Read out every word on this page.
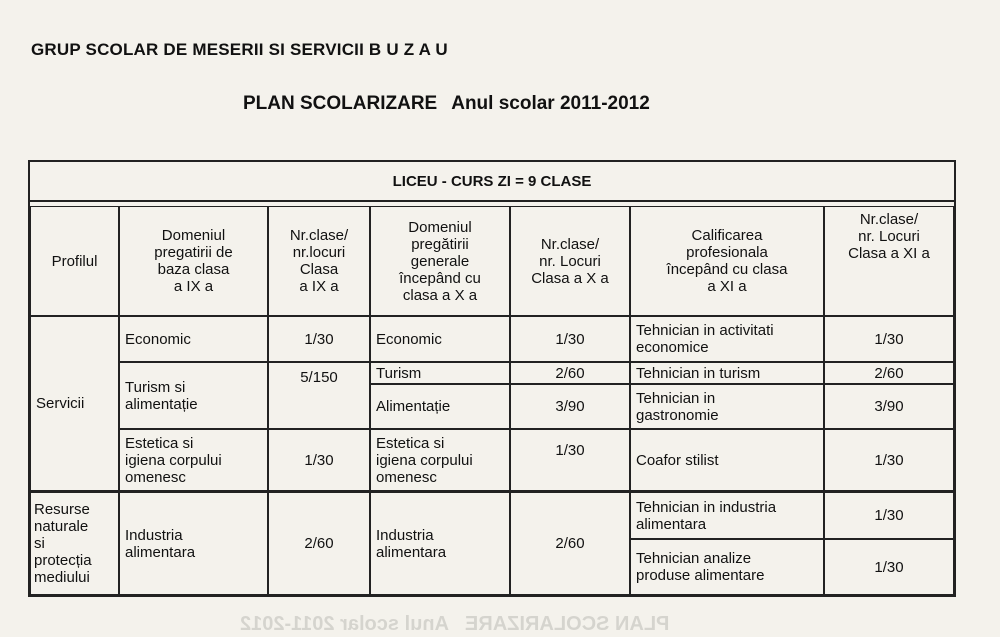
GRUP SCOLAR DE MESERII SI SERVICII B U Z A U
PLAN SCOLARIZARE Anul scolar 2011-2012
LICEU - CURS ZI = 9 CLASE
Profilul
Domeniul
pregatirii de
baza clasa
a IX a
Nr.clase/
nr.locuri
Clasa
a IX a
Domeniul
pregătirii
generale
începând cu
clasa a X a
Nr.clase/
nr. Locuri
Clasa a X a
Calificarea
profesionala
începând cu clasa
a XI a
Nr.clase/
nr. Locuri
Clasa a XI a
Servicii
Resurse
naturale
si
protecția
mediului
Economic
Turism si
alimentație
Estetica si
igiena corpului
omenesc
Industria
alimentara
1/30
5/150
1/30
2/60
Economic
Turism
Alimentație
Estetica si
igiena corpului
omenesc
Industria
alimentara
1/30
2/60
3/90
1/30
2/60
Tehnician in activitati
economice
Tehnician in turism
Tehnician in
gastronomie
Coafor stilist
Tehnician in industria
alimentara
Tehnician analize
produse alimentare
1/30
2/60
3/90
1/30
1/30
1/30
PLAN SCOLARIZARE   Anul scolar 2011-2012
